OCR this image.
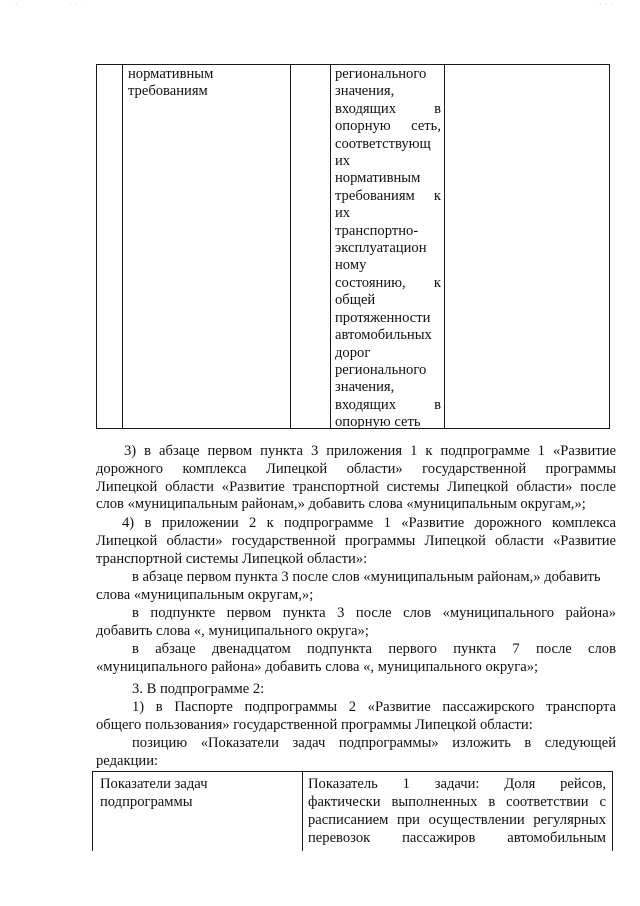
· ·	· · ·	· · · ·
нормативным
требованиям
регионального
значения,
входящих в
опорную сеть,
соответствующ
их
нормативным
требованиям к
их
транспортно-
эксплуатацион
ному
состоянию, к
общей
протяженности
автомобильных
дорог
регионального
значения,
входящих в
опорную сеть
3) в абзаце первом пункта 3 приложения 1 к подпрограмме 1 «Развитие
дорожного комплекса Липецкой области» государственной программы
Липецкой области «Развитие транспортной системы Липецкой области» после
слов «муниципальным районам,» добавить слова «муниципальным округам,»;
4) в приложении 2 к подпрограмме 1 «Развитие дорожного комплекса
Липецкой области» государственной программы Липецкой области «Развитие
транспортной системы Липецкой области»:
в абзаце первом пункта 3 после слов «муниципальным районам,» добавить
слова «муниципальным округам,»;
в подпункте первом пункта 3 после слов «муниципального района»
добавить слова «, муниципального округа»;
в абзаце двенадцатом подпункта первого пункта 7 после слов
«муниципального района» добавить слова «, муниципального округа»;
3. В подпрограмме 2:
1) в Паспорте подпрограммы 2 «Развитие пассажирского транспорта
общего пользования» государственной программы Липецкой области:
позицию «Показатели задач подпрограммы» изложить в следующей
редакции:
Показатели задач
подпрограммы
Показатель 1 задачи: Доля рейсов,
фактически выполненных в соответствии с
расписанием при осуществлении регулярных
перевозок пассажиров автомобильным
